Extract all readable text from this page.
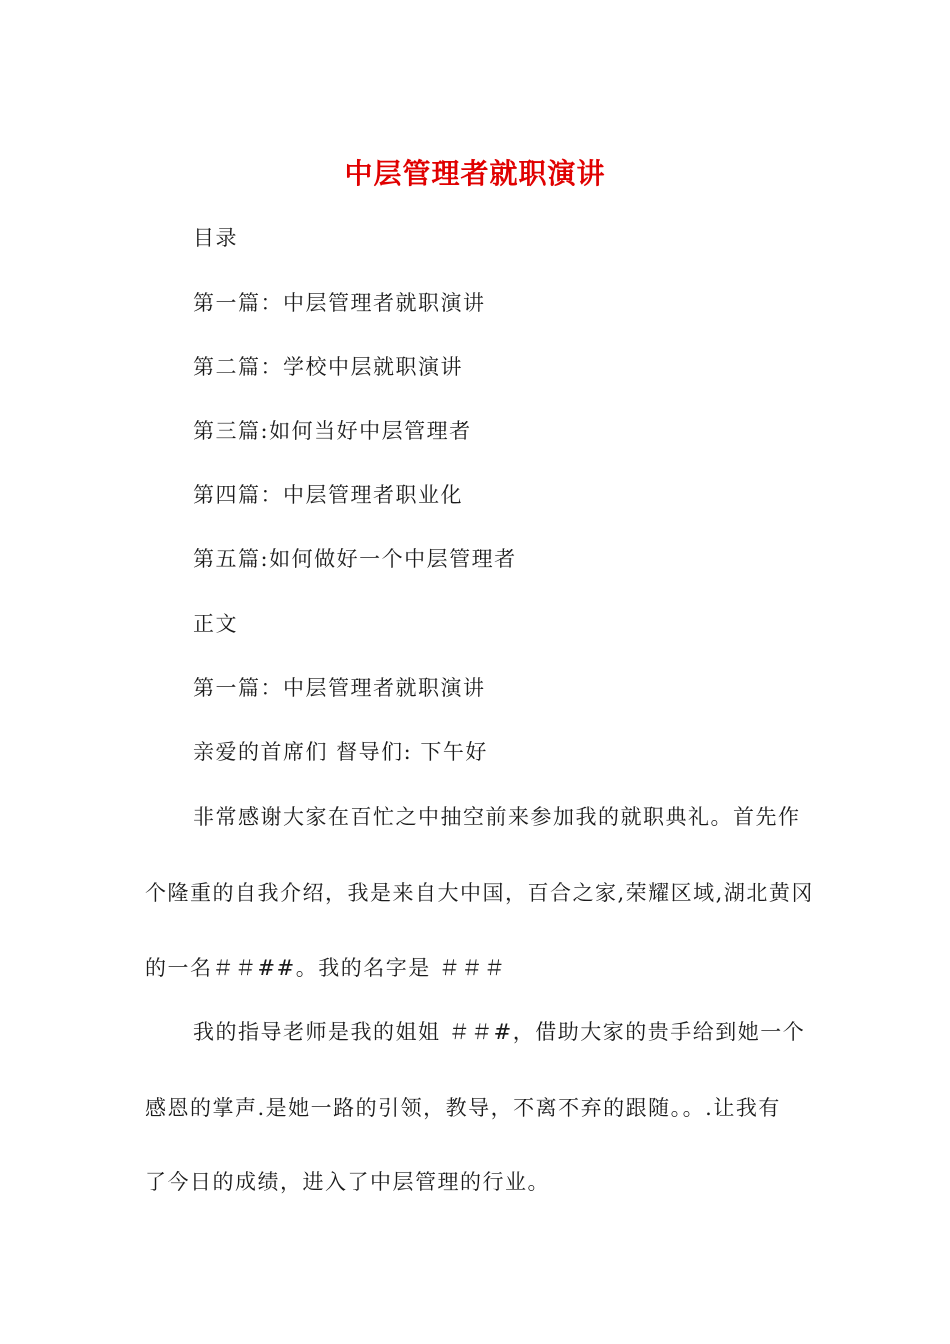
中层管理者就职演讲
目录
第一篇：中层管理者就职演讲
第二篇：学校中层就职演讲
第三篇:如何当好中层管理者
第四篇：中层管理者职业化
第五篇:如何做好一个中层管理者
正文
第一篇：中层管理者就职演讲
亲爱的首席们 督导们: 下午好
非常感谢大家在百忙之中抽空前来参加我的就职典礼。首先作
个隆重的自我介绍，我是来自大中国，百合之家,荣耀区域,湖北黄冈
的一名＃＃##。我的名字是 ＃＃＃
我的指导老师是我的姐姐 ＃＃#，借助大家的贵手给到她一个
感恩的掌声.是她一路的引领，教导，不离不弃的跟随。。.让我有
了今日的成绩，进入了中层管理的行业。
